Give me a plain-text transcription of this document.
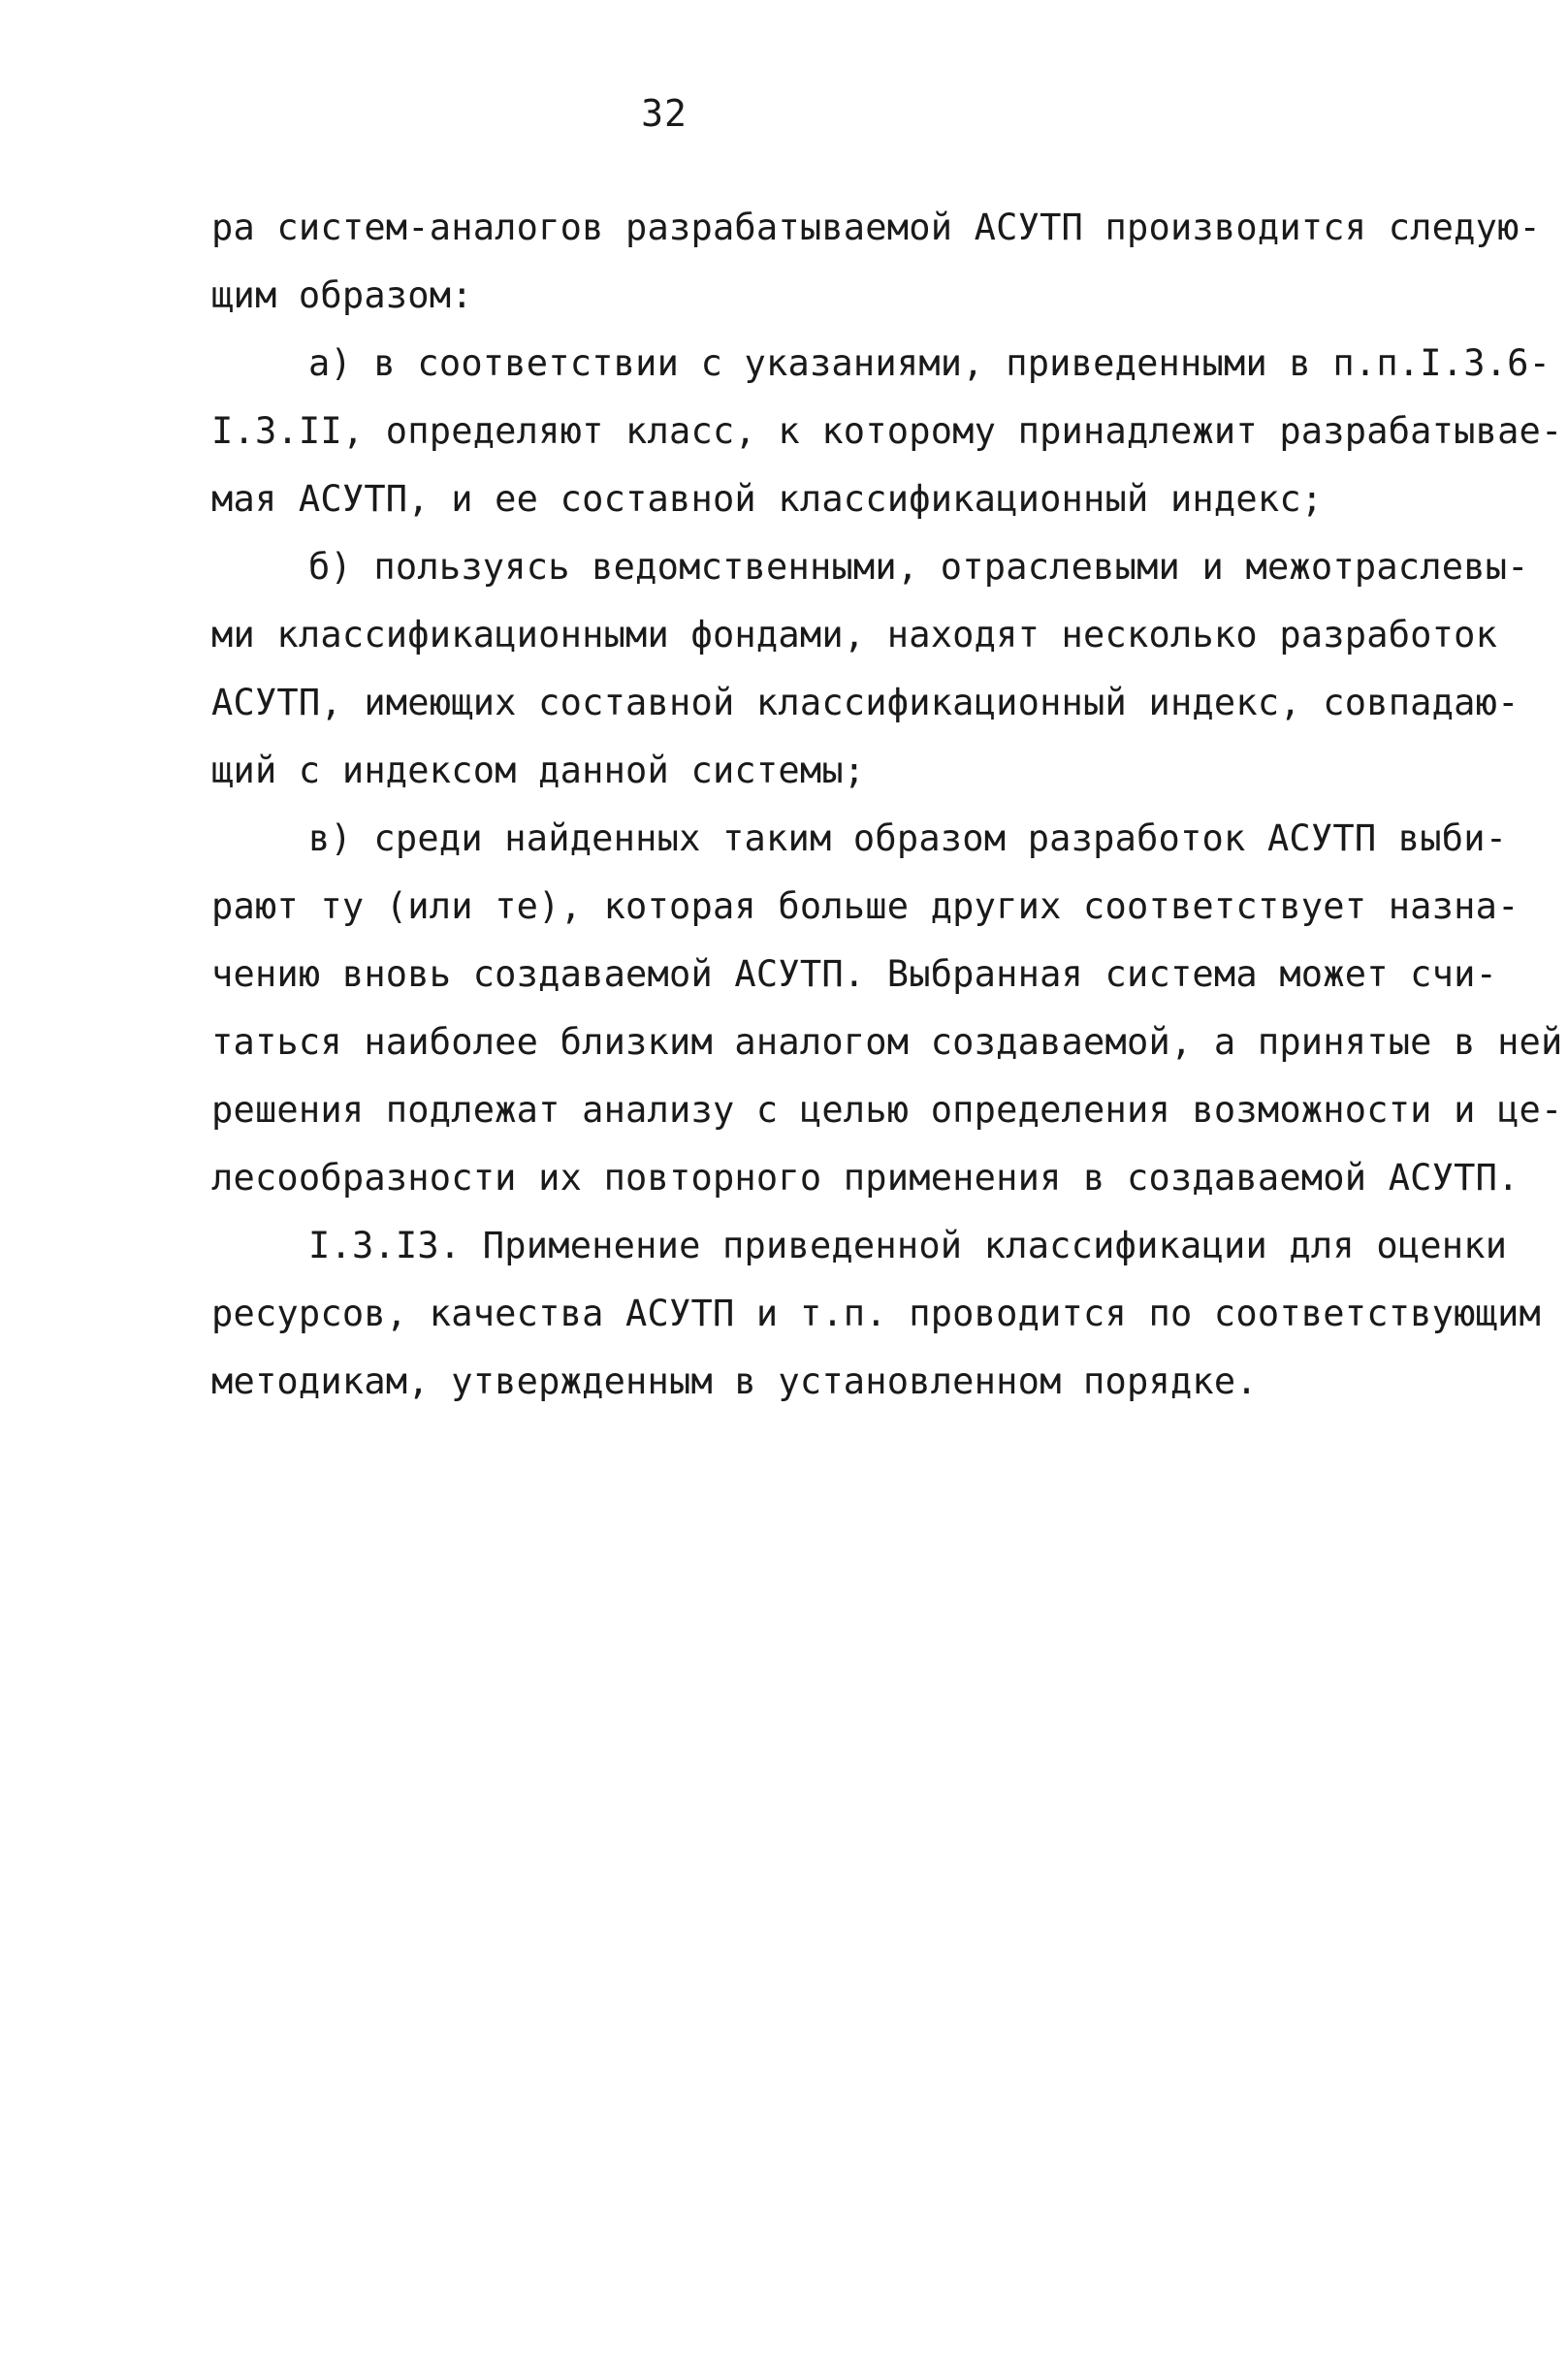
32
ра систем-аналогов разрабатываемой АСУТП производится следую-
щим образом:
а) в соответствии с указаниями, приведенными в п.п.I.3.6-
I.3.II, определяют класс, к которому принадлежит разрабатывае-
мая АСУТП, и ее составной классификационный индекс;
б) пользуясь ведомственными, отраслевыми и межотраслевы-
ми классификационными фондами, находят несколько разработок
АСУТП, имеющих составной классификационный индекс, совпадаю-
щий с индексом данной системы;
в) среди найденных таким образом разработок АСУТП выби-
рают ту (или те), которая больше других соответствует назна-
чению вновь создаваемой АСУТП. Выбранная система может счи-
таться наиболее близким аналогом создаваемой, а принятые в ней
решения подлежат анализу с целью определения возможности и це-
лесообразности их повторного применения в создаваемой АСУТП.
I.3.I3. Применение приведенной классификации для оценки
ресурсов, качества АСУТП и т.п. проводится по соответствующим
методикам, утвержденным в установленном порядке.
